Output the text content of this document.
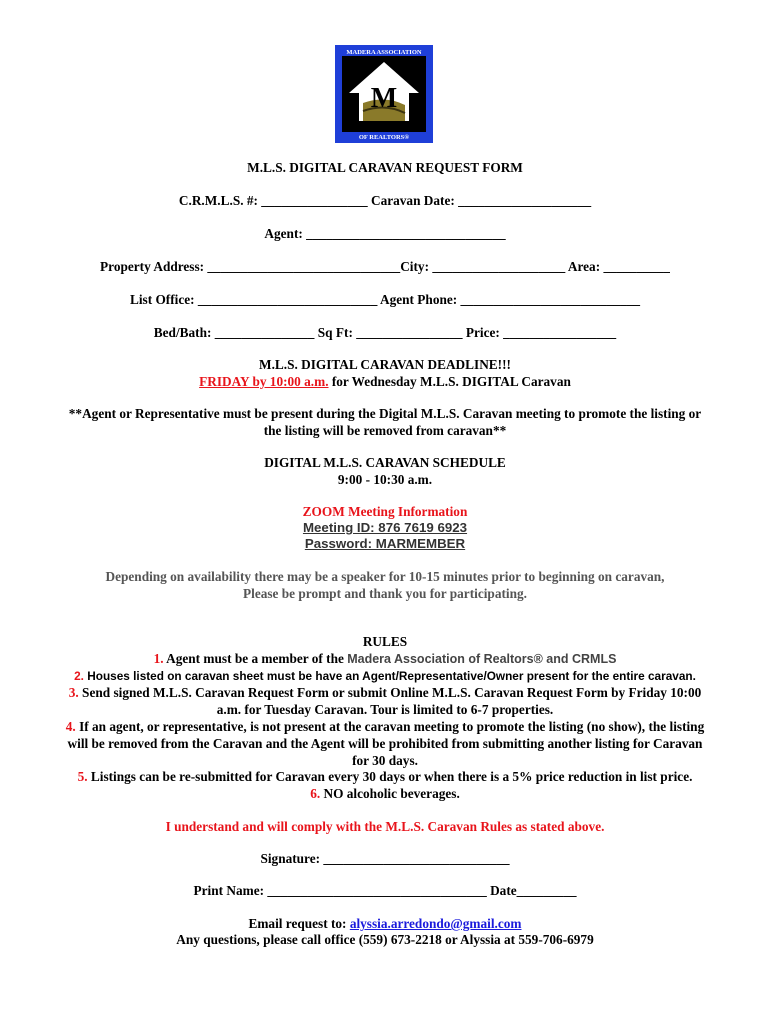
MADERA ASSOCIATION
M
OF REALTORS®
M.L.S. DIGITAL CARAVAN REQUEST FORM
C.R.M.L.S. #: ________________ Caravan Date: ____________________
Agent: ______________________________
Property Address: _____________________________City: ____________________ Area: __________
List Office: ___________________________ Agent Phone: ___________________________
Bed/Bath: _______________ Sq Ft: ________________ Price: _________________
M.L.S. DIGITAL CARAVAN DEADLINE!!!
FRIDAY by 10:00 a.m. for Wednesday M.L.S. DIGITAL Caravan
**Agent or Representative must be present during the Digital M.L.S. Caravan meeting to promote the listing or
the listing will be removed from caravan**
DIGITAL M.L.S. CARAVAN SCHEDULE
9:00 - 10:30 a.m.
ZOOM Meeting Information
Meeting ID: 876 7619 6923
Password: MARMEMBER
Depending on availability there may be a speaker for 10-15 minutes prior to beginning on caravan,
Please be prompt and thank you for participating.
RULES
1. Agent must be a member of the Madera Association of Realtors® and CRMLS
2. Houses listed on caravan sheet must be have an Agent/Representative/Owner present for the entire caravan.
3. Send signed M.L.S. Caravan Request Form or submit Online M.L.S. Caravan Request Form by Friday 10:00
a.m. for Tuesday Caravan. Tour is limited to 6-7 properties.
4. If an agent, or representative, is not present at the caravan meeting to promote the listing (no show), the listing
will be removed from the Caravan and the Agent will be prohibited from submitting another listing for Caravan
for 30 days.
5. Listings can be re-submitted for Caravan every 30 days or when there is a 5% price reduction in list price.
6. NO alcoholic beverages.
I understand and will comply with the M.L.S. Caravan Rules as stated above.
Signature: ____________________________
Print Name: _________________________________ Date_________
Email request to: alyssia.arredondo@gmail.com
Any questions, please call office (559) 673-2218 or Alyssia at 559-706-6979
